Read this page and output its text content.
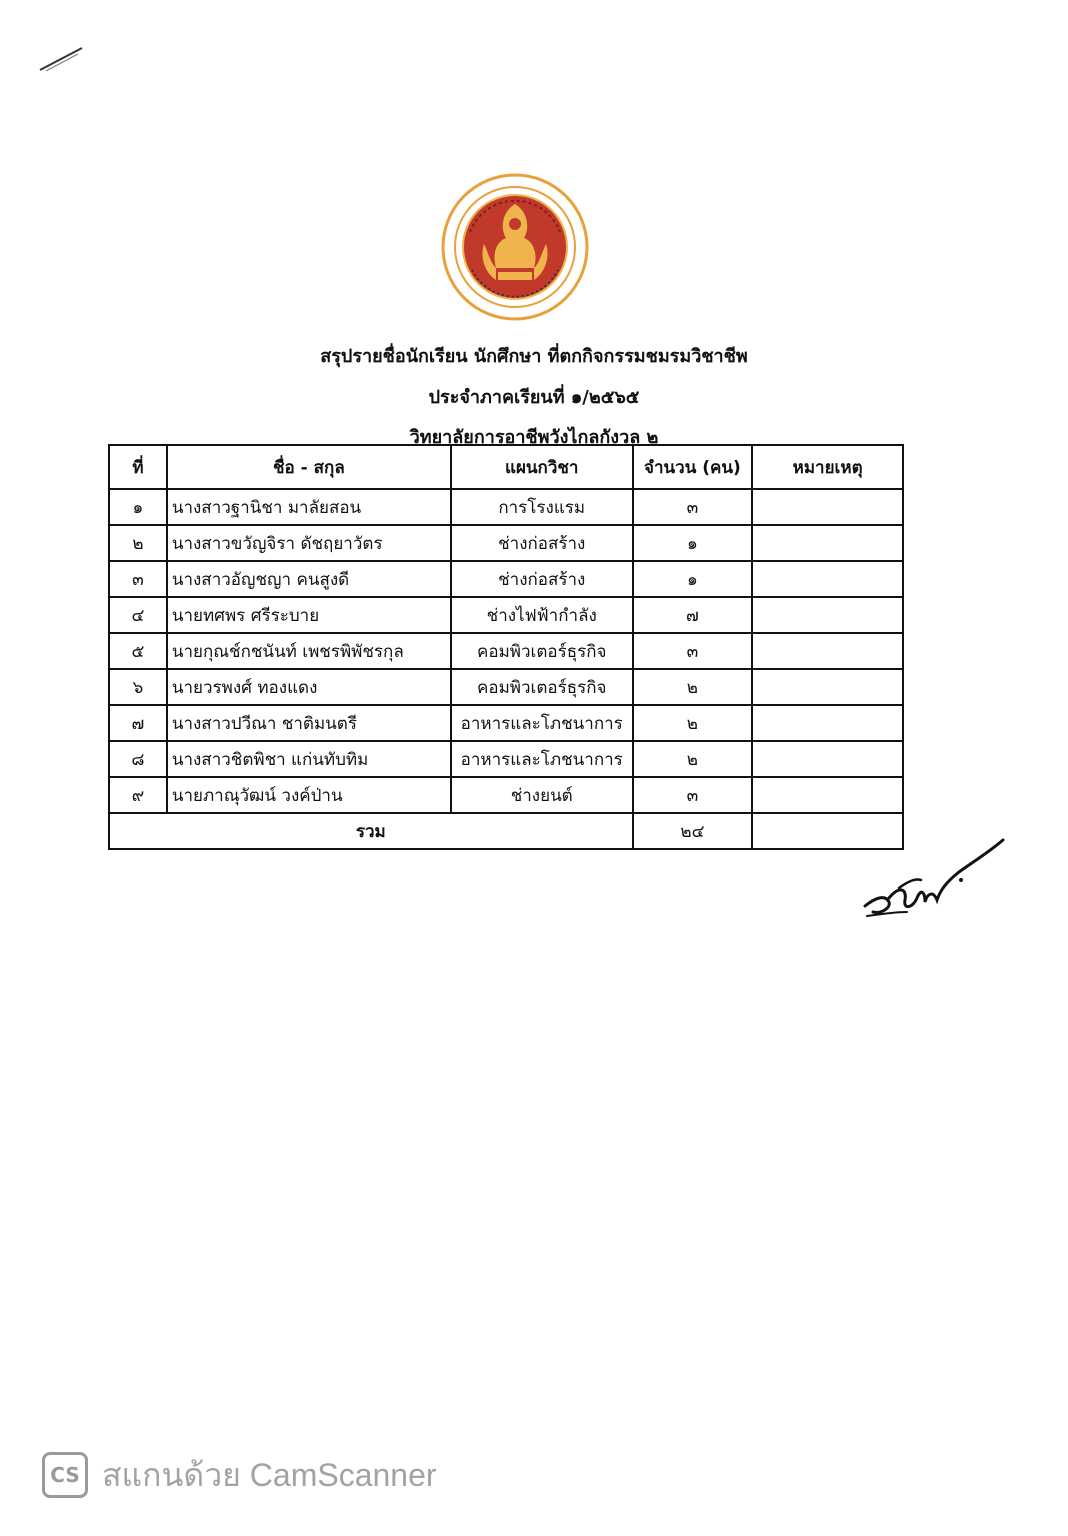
สรุปรายชื่อนักเรียน นักศึกษา ที่ตกกิจกรรมชมรมวิชาชีพ
ประจำภาคเรียนที่ ๑/๒๕๖๕
วิทยาลัยการอาชีพวังไกลกังวล ๒
ที่	ชื่อ - สกุล	แผนกวิชา	จำนวน (คน)	หมายเหตุ
๑	นางสาวฐานิชา มาลัยสอน	การโรงแรม	๓	
๒	นางสาวขวัญจิรา ดัชฤยาวัตร	ช่างก่อสร้าง	๑	
๓	นางสาวอัญชญา คนสูงดี	ช่างก่อสร้าง	๑	
๔	นายทศพร ศรีระบาย	ช่างไฟฟ้ากำลัง	๗	
๕	นายกุณช์กชนันท์ เพชรพิพัชรกุล	คอมพิวเตอร์ธุรกิจ	๓	
๖	นายวรพงศ์ ทองแดง	คอมพิวเตอร์ธุรกิจ	๒	
๗	นางสาวปวีณา ชาติมนตรี	อาหารและโภชนาการ	๒	
๘	นางสาวชิตพิชา แก่นทับทิม	อาหารและโภชนาการ	๒	
๙	นายภาณุวัฒน์ วงค์ป่าน	ช่างยนต์	๓	
รวม			๒๔	
CS สแกนด้วย CamScanner
